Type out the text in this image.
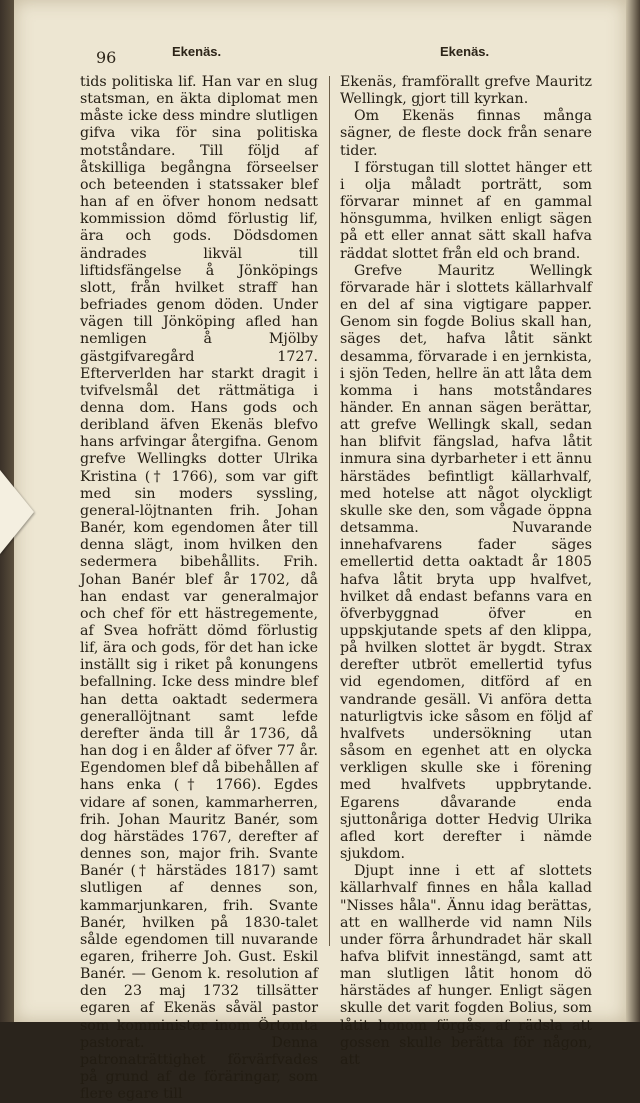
96	Ekenäs.	Ekenäs.

tids politiska lif. Han var en slug statsman, en äkta diplomat men måste icke dess mindre slutligen gifva vika för sina politiska motståndare. Till följd af åtskilliga begångna förseelser och beteenden i statssaker blef han af en öfver honom nedsatt kommission dömd förlustig lif, ära och gods. Dödsdomen ändrades likväl till liftidsfängelse å Jönköpings slott, från hvilket straff han befriades genom döden. Under vägen till Jönköping afled han nemligen å Mjölby gästgifvaregård 1727. Efterverlden har starkt dragit i tvifvelsmål det rättmätiga i denna dom. Hans gods och deribland äfven Ekenäs blefvo hans arfvingar återgifna. Genom grefve Wellingks dotter Ulrika Kristina († 1766), som var gift med sin moders syssling, general-löjtnanten frih. Johan Banér, kom egendomen åter till denna slägt, inom hvilken den sedermera bibehållits. Frih. Johan Banér blef år 1702, då han endast var generalmajor och chef för ett hästregemente, af Svea hofrätt dömd förlustig lif, ära och gods, för det han icke inställt sig i riket på konungens befallning. Icke dess mindre blef han detta oaktadt sedermera generallöjtnant samt lefde derefter ända till år 1736, då han dog i en ålder af öfver 77 år. Egendomen blef då bibehållen af hans enka († 1766). Egdes vidare af sonen, kammarherren, frih. Johan Mauritz Banér, som dog härstädes 1767, derefter af dennes son, major frih. Svante Banér († härstädes 1817) samt slutligen af dennes son, kammarjunkaren, frih. Svante Banér, hvilken på 1830-talet sålde egendomen till nuvarande egaren, friherre Joh. Gust. Eskil Banér. — Genom k. resolution af den 23 maj 1732 tillsätter egaren af Ekenäs såväl pastor som komminister inom Örtomta pastorat. Denna patronaträttighet förvärfvades på grund af de föräringar, som flere egare till

Ekenäs, framförallt grefve Mauritz Wellingk, gjort till kyrkan.

Om Ekenäs finnas många sägner, de fleste dock från senare tider.

I förstugan till slottet hänger ett i olja måladt porträtt, som förvarar minnet af en gammal hönsgumma, hvilken enligt sägen på ett eller annat sätt skall hafva räddat slottet från eld och brand.

Grefve Mauritz Wellingk förvarade här i slottets källarhvalf en del af sina vigtigare papper. Genom sin fogde Bolius skall han, säges det, hafva låtit sänkt desamma, förvarade i en jernkista, i sjön Teden, hellre än att låta dem komma i hans motståndares händer. En annan sägen berättar, att grefve Wellingk skall, sedan han blifvit fängslad, hafva låtit inmura sina dyrbarheter i ett ännu härstädes befintligt källarhvalf, med hotelse att något olyckligt skulle ske den, som vågade öppna detsamma. Nuvarande innehafvarens fader säges emellertid detta oaktadt år 1805 hafva låtit bryta upp hvalfvet, hvilket då endast befanns vara en öfverbyggnad öfver en uppskjutande spets af den klippa, på hvilken slottet är bygdt. Strax derefter utbröt emellertid tyfus vid egendomen, ditförd af en vandrande gesäll. Vi anföra detta naturligtvis icke såsom en följd af hvalfvets undersökning utan såsom en egenhet att en olycka verkligen skulle ske i förening med hvalfvets uppbrytande. Egarens dåvarande enda sjuttonåriga dotter Hedvig Ulrika afled kort derefter i nämde sjukdom.

Djupt inne i ett af slottets källarhvalf finnes en håla kallad "Nisses håla". Ännu idag berättas, att en wallherde vid namn Nils under förra århundradet här skall hafva blifvit innestängd, samt att man slutligen låtit honom dö härstädes af hunger. Enligt sägen skulle det varit fogden Bolius, som låtit honom förgås, af rädsla att gossen skulle berätta för någon, att
